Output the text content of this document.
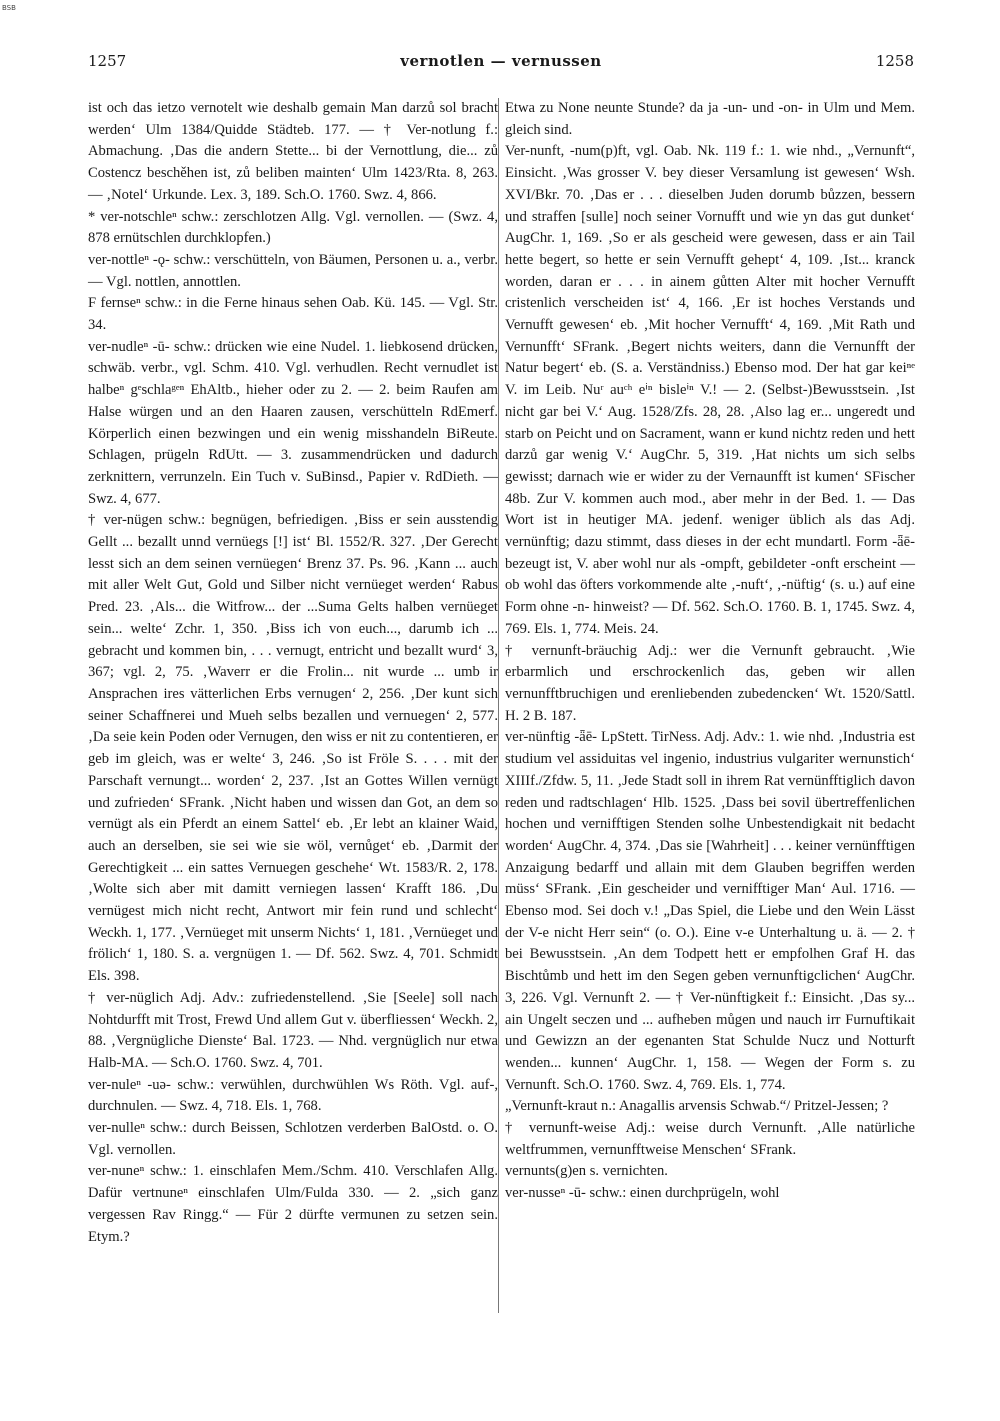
BSB
1257	vernotlen — vernussen	1258

ist och das ietzo vernotelt wie deshalb gemain Man darzů sol bracht werden‘ Ulm 1384/Quidde Städteb. 177. — † Ver-notlung f.: Abmachung. ‚Das die andern Stette... bi der Vernottlung, die... zů Costencz beschěhen ist, zů beliben mainten‘ Ulm 1423/Rta. 8, 263. — ‚Notel‘ Urkunde. Lex. 3, 189. Sch.O. 1760. Swz. 4, 866.

* ver-notschleⁿ schw.: zerschlotzen Allg. Vgl. vernollen. — (Swz. 4, 878 ernütschlen durchklopfen.)

ver-nottleⁿ -ǫ- schw.: verschütteln, von Bäumen, Personen u. a., verbr. — Vgl. nottlen, annottlen.

F fernseⁿ schw.: in die Ferne hinaus sehen Oab. Kü. 145. — Vgl. Str. 34.

ver-nudleⁿ -ū- schw.: drücken wie eine Nudel. 1. liebkosend drücken, schwäb. verbr., vgl. Schm. 410. Vgl. verhudlen. Recht vernudlet ist halbeⁿ gᵉschlaᵍᵉⁿ EhAltb., hieher oder zu 2. — 2. beim Raufen am Halse würgen und an den Haaren zausen, verschütteln RdEmerf. Körperlich einen bezwingen und ein wenig misshandeln BiReute. Schlagen, prügeln RdUtt. — 3. zusammendrücken und dadurch zerknittern, verrunzeln. Ein Tuch v. SuBinsd., Papier v. RdDieth. — Swz. 4, 677.

† ver-nügen schw.: begnügen, befriedigen. ‚Biss er sein ausstendig Gellt ... bezallt unnd vernüegs [!] ist‘ Bl. 1552/R. 327. ‚Der Gerecht lesst sich an dem seinen vernüegen‘ Brenz 37. Ps. 96. ‚Kann ... auch mit aller Welt Gut, Gold und Silber nicht vernüeget werden‘ Rabus Pred. 23. ‚Als... die Witfrow... der ...Suma Gelts halben vernüeget sein... welte‘ Zchr. 1, 350. ‚Biss ich von euch..., darumb ich ... gebracht und kommen bin, . . . vernugt, entricht und bezallt wurd‘ 3, 367; vgl. 2, 75. ‚Waverr er die Frolin... nit wurde ... umb ir Ansprachen ires vätterlichen Erbs vernugen‘ 2, 256. ‚Der kunt sich seiner Schaffnerei und Mueh selbs bezallen und vernuegen‘ 2, 577. ‚Da seie kein Poden oder Vernugen, den wiss er nit zu contentieren, er geb im gleich, was er welte‘ 3, 246. ‚So ist Fröle S. . . . mit der Parschaft vernungt... worden‘ 2, 237. ‚Ist an Gottes Willen vernügt und zufrieden‘ SFrank. ‚Nicht haben und wissen dan Got, an dem so vernügt als ein Pferdt an einem Sattel‘ eb. ‚Er lebt an klainer Waid, auch an derselben, sie sei wie sie wöl, vernůget‘ eb. ‚Darmit der Gerechtigkeit ... ein sattes Vernuegen geschehe‘ Wt. 1583/R. 2, 178. ‚Wolte sich aber mit damitt verniegen lassen‘ Krafft 186. ‚Du vernügest mich nicht recht, Antwort mir fein rund und schlecht‘ Weckh. 1, 177. ‚Vernüeget mit unserm Nichts‘ 1, 181. ‚Vernüeget und frölich‘ 1, 180. S. a. vergnügen 1. — Df. 562. Swz. 4, 701. Schmidt Els. 398.

† ver-nüglich Adj. Adv.: zufriedenstellend. ‚Sie [Seele] soll nach Nohtdurfft mit Trost, Frewd Und allem Gut v. überfliessen‘ Weckh. 2, 88. ‚Vergnügliche Dienste‘ Bal. 1723. — Nhd. vergnüglich nur etwa Halb-MA. — Sch.O. 1760. Swz. 4, 701.

ver-nuleⁿ -uə- schw.: verwühlen, durchwühlen Ws Röth. Vgl. auf-, durchnulen. — Swz. 4, 718. Els. 1, 768.

ver-nulleⁿ schw.: durch Beissen, Schlotzen verderben BalOstd. o. O. Vgl. vernollen.

ver-nuneⁿ schw.: 1. einschlafen Mem./Schm. 410. Verschlafen Allg. Dafür vertnuneⁿ einschlafen Ulm/Fulda 330. — 2. „sich ganz vergessen Rav Ringg.“ — Für 2 dürfte vermunen zu setzen sein. Etym.?

Etwa zu None neunte Stunde? da ja -un- und -on- in Ulm und Mem. gleich sind.

Ver-nunft, -num(p)ft, vgl. Oab. Nk. 119 f.: 1. wie nhd., „Vernunft“, Einsicht. ‚Was grosser V. bey dieser Versamlung ist gewesen‘ Wsh. XVI/Bkr. 70. ‚Das er . . . dieselben Juden dorumb bůzzen, bessern und straffen [sulle] noch seiner Vornufft und wie yn das gut dunket‘ AugChr. 1, 169. ‚So er als gescheid were gewesen, dass er ain Tail hette begert, so hette er sein Vernufft gehept‘ 4, 109. ‚Ist... kranck worden, daran er . . . in ainem gůtten Alter mit hocher Vernufft cristenlich verscheiden ist‘ 4, 166. ‚Er ist hoches Verstands und Vernufft gewesen‘ eb. ‚Mit hocher Vernufft‘ 4, 169. ‚Mit Rath und Vernunfft‘ SFrank. ‚Begert nichts weiters, dann die Vernunfft der Natur begert‘ eb. (S. a. Verständniss.) Ebenso mod. Der hat gar keiⁿᵉ V. im Leib. Nuʳ auᶜʰ eⁱⁿ bisleⁱⁿ V.! — 2. (Selbst-)Bewusstsein. ‚Ist nicht gar bei V.‘ Aug. 1528/Zfs. 28, 28. ‚Also lag er... ungeredt und starb on Peicht und on Sacrament, wann er kund nichtz reden und hett darzů gar wenig V.‘ AugChr. 5, 319. ‚Hat nichts um sich selbs gewisst; darnach wie er wider zu der Vernaunfft ist kumen‘ SFischer 48b. Zur V. kommen auch mod., aber mehr in der Bed. 1. — Das Wort ist in heutiger MA. jedenf. weniger üblich als das Adj. vernünftig; dazu stimmt, dass dieses in der echt mundartl. Form -ǟē- bezeugt ist, V. aber wohl nur als -ompft, gebildeter -onft erscheint — ob wohl das öfters vorkommende alte ‚-nuft‘, ‚-nüftig‘ (s. u.) auf eine Form ohne -n- hinweist? — Df. 562. Sch.O. 1760. B. 1, 1745. Swz. 4, 769. Els. 1, 774. Meis. 24.

† vernunft-bräuchig Adj.: wer die Vernunft gebraucht. ‚Wie erbarmlich und erschrockenlich das, geben wir allen vernunfftbruchigen und erenliebenden zubedencken‘ Wt. 1520/Sattl. H. 2 B. 187.

ver-nünftig -ǟē- LpStett. TirNess. Adj. Adv.: 1. wie nhd. ‚Industria est studium vel assiduitas vel ingenio, industrius vulgariter wernunstich‘ XIIIf./Zfdw. 5, 11. ‚Jede Stadt soll in ihrem Rat vernünfftiglich davon reden und radtschlagen‘ Hlb. 1525. ‚Dass bei sovil übertreffenlichen hochen und vernifftigen Stenden solhe Unbestendigkait nit bedacht worden‘ AugChr. 4, 374. ‚Das sie [Wahrheit] . . . keiner vernünfftigen Anzaigung bedarff und allain mit dem Glauben begriffen werden müss‘ SFrank. ‚Ein gescheider und vernifftiger Man‘ Aul. 1716. — Ebenso mod. Sei doch v.! „Das Spiel, die Liebe und den Wein Lässt der V-e nicht Herr sein“ (o. O.). Eine v-e Unterhaltung u. ä. — 2. † bei Bewusstsein. ‚An dem Todpett hett er empfolhen Graf H. das Bischtůmb und hett im den Segen geben vernunftigclichen‘ AugChr. 3, 226. Vgl. Vernunft 2. — † Ver-nünftigkeit f.: Einsicht. ‚Das sy... ain Ungelt seczen und ... aufheben můgen und nauch irr Furnuftikait und Gewizzn an der egenanten Stat Schulde Nucz und Notturft wenden... kunnen‘ AugChr. 1, 158. — Wegen der Form s. zu Vernunft. Sch.O. 1760. Swz. 4, 769. Els. 1, 774.

„Vernunft-kraut n.: Anagallis arvensis Schwab.“/ Pritzel-Jessen; ?

† vernunft-weise Adj.: weise durch Vernunft. ‚Alle natürliche weltfrummen, vernunfftweise Menschen‘ SFrank.

vernunts(g)en s. vernichten.

ver-nusseⁿ -ū- schw.: einen durchprügeln, wohl
